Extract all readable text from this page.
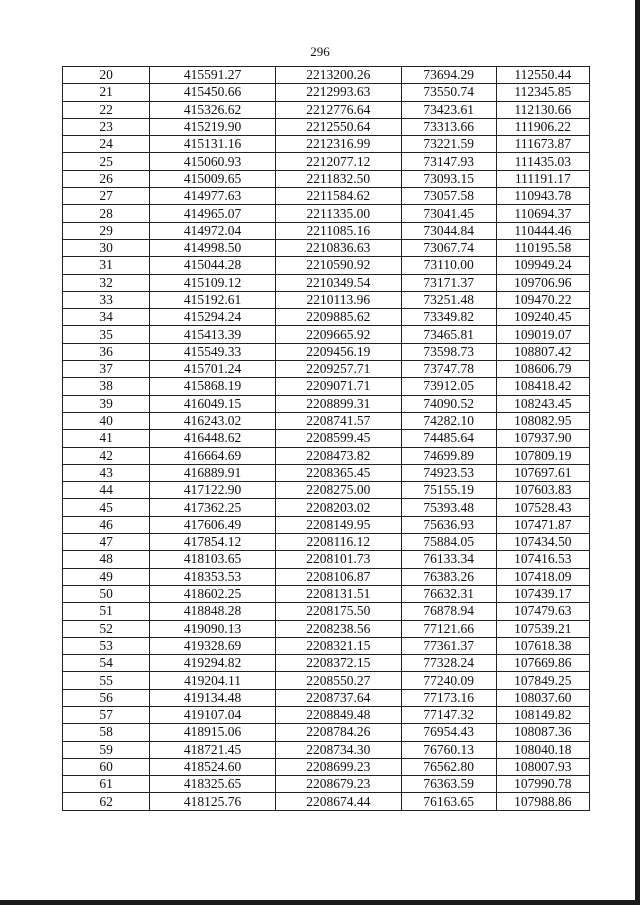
296
20	415591.27	2213200.26	73694.29	112550.44
21	415450.66	2212993.63	73550.74	112345.85
22	415326.62	2212776.64	73423.61	112130.66
23	415219.90	2212550.64	73313.66	111906.22
24	415131.16	2212316.99	73221.59	111673.87
25	415060.93	2212077.12	73147.93	111435.03
26	415009.65	2211832.50	73093.15	111191.17
27	414977.63	2211584.62	73057.58	110943.78
28	414965.07	2211335.00	73041.45	110694.37
29	414972.04	2211085.16	73044.84	110444.46
30	414998.50	2210836.63	73067.74	110195.58
31	415044.28	2210590.92	73110.00	109949.24
32	415109.12	2210349.54	73171.37	109706.96
33	415192.61	2210113.96	73251.48	109470.22
34	415294.24	2209885.62	73349.82	109240.45
35	415413.39	2209665.92	73465.81	109019.07
36	415549.33	2209456.19	73598.73	108807.42
37	415701.24	2209257.71	73747.78	108606.79
38	415868.19	2209071.71	73912.05	108418.42
39	416049.15	2208899.31	74090.52	108243.45
40	416243.02	2208741.57	74282.10	108082.95
41	416448.62	2208599.45	74485.64	107937.90
42	416664.69	2208473.82	74699.89	107809.19
43	416889.91	2208365.45	74923.53	107697.61
44	417122.90	2208275.00	75155.19	107603.83
45	417362.25	2208203.02	75393.48	107528.43
46	417606.49	2208149.95	75636.93	107471.87
47	417854.12	2208116.12	75884.05	107434.50
48	418103.65	2208101.73	76133.34	107416.53
49	418353.53	2208106.87	76383.26	107418.09
50	418602.25	2208131.51	76632.31	107439.17
51	418848.28	2208175.50	76878.94	107479.63
52	419090.13	2208238.56	77121.66	107539.21
53	419328.69	2208321.15	77361.37	107618.38
54	419294.82	2208372.15	77328.24	107669.86
55	419204.11	2208550.27	77240.09	107849.25
56	419134.48	2208737.64	77173.16	108037.60
57	419107.04	2208849.48	77147.32	108149.82
58	418915.06	2208784.26	76954.43	108087.36
59	418721.45	2208734.30	76760.13	108040.18
60	418524.60	2208699.23	76562.80	108007.93
61	418325.65	2208679.23	76363.59	107990.78
62	418125.76	2208674.44	76163.65	107988.86
